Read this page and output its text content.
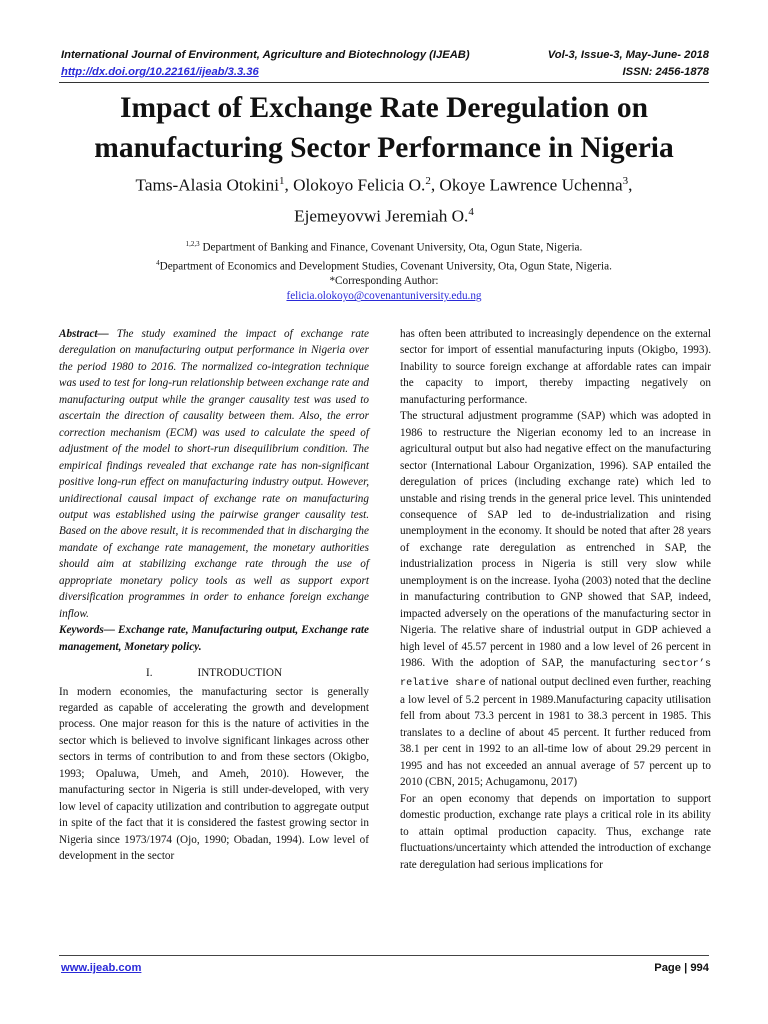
International Journal of Environment, Agriculture and Biotechnology (IJEAB)	Vol-3, Issue-3, May-June- 2018
http://dx.doi.org/10.22161/ijeab/3.3.36	ISSN: 2456-1878
Impact of Exchange Rate Deregulation on manufacturing Sector Performance in Nigeria
Tams-Alasia Otokini$^1$, Olokoyo Felicia O.$^2$, Okoye Lawrence Uchenna$^3$,
Ejemeyovwi Jeremiah O.$^4$
$^{1,2,3}$ Department of Banking and Finance, Covenant University, Ota, Ogun State, Nigeria.
$^4$Department of Economics and Development Studies, Covenant University, Ota, Ogun State, Nigeria.
*Corresponding Author:
felicia.olokoyo@covenantuniversity.edu.ng

Abstract— The study examined the impact of exchange rate deregulation on manufacturing output performance in Nigeria over the period 1980 to 2016. The normalized co-integration technique was used to test for long-run relationship between exchange rate and manufacturing output while the granger causality test was used to ascertain the direction of causality between them. Also, the error correction mechanism (ECM) was used to calculate the speed of adjustment of the model to short-run disequilibrium condition. The empirical findings revealed that exchange rate has non-significant positive long-run effect on manufacturing industry output. However, unidirectional causal impact of exchange rate on manufacturing output was established using the pairwise granger causality test. Based on the above result, it is recommended that in discharging the mandate of exchange rate management, the monetary authorities should aim at stabilizing exchange rate through the use of appropriate monetary policy tools as well as support export diversification programmes in order to enhance foreign exchange inflow.

Keywords— Exchange rate, Manufacturing output, Exchange rate management, Monetary policy.

I.	INTRODUCTION

In modern economies, the manufacturing sector is generally regarded as capable of accelerating the growth and development process. One major reason for this is the nature of activities in the sector which is believed to involve significant linkages across other sectors in terms of contribution to and from these sectors (Okigbo, 1993; Opaluwa, Umeh, and Ameh, 2010). However, the manufacturing sector in Nigeria is still under-developed, with very low level of capacity utilization and contribution to aggregate output in spite of the fact that it is considered the fastest growing sector in Nigeria since 1973/1974 (Ojo, 1990; Obadan, 1994). Low level of development in the sector

has often been attributed to increasingly dependence on the external sector for import of essential manufacturing inputs (Okigbo, 1993). Inability to source foreign exchange at affordable rates can impair the capacity to import, thereby impacting negatively on manufacturing performance.

The structural adjustment programme (SAP) which was adopted in 1986 to restructure the Nigerian economy led to an increase in agricultural output but also had negative effect on the manufacturing sector (International Labour Organization, 1996). SAP entailed the deregulation of prices (including exchange rate) which led to unstable and rising trends in the general price level. This unintended consequence of SAP led to de-industrialization and rising unemployment in the economy. It should be noted that after 28 years of exchange rate deregulation as entrenched in SAP, the industrialization process in Nigeria is still very slow while unemployment is on the increase. Iyoha (2003) noted that the decline in manufacturing contribution to GNP showed that SAP, indeed, impacted adversely on the operations of the manufacturing sector in Nigeria. The relative share of industrial output in GDP achieved a high level of 45.57 percent in 1980 and a low level of 26 percent in 1986. With the adoption of SAP, the manufacturing sector’s relative share of national output declined even further, reaching a low level of 5.2 percent in 1989.Manufacturing capacity utilisation fell from about 73.3 percent in 1981 to 38.3 percent in 1985. This translates to a decline of about 45 percent. It further reduced from 38.1 per cent in 1992 to an all-time low of about 29.29 percent in 1995 and has not exceeded an annual average of 57 percent up to 2010 (CBN, 2015; Achugamonu, 2017)

For an open economy that depends on importation to support domestic production, exchange rate plays a critical role in its ability to attain optimal production capacity. Thus, exchange rate fluctuations/uncertainty which attended the introduction of exchange rate deregulation had serious implications for

www.ijeab.com	Page | 994
